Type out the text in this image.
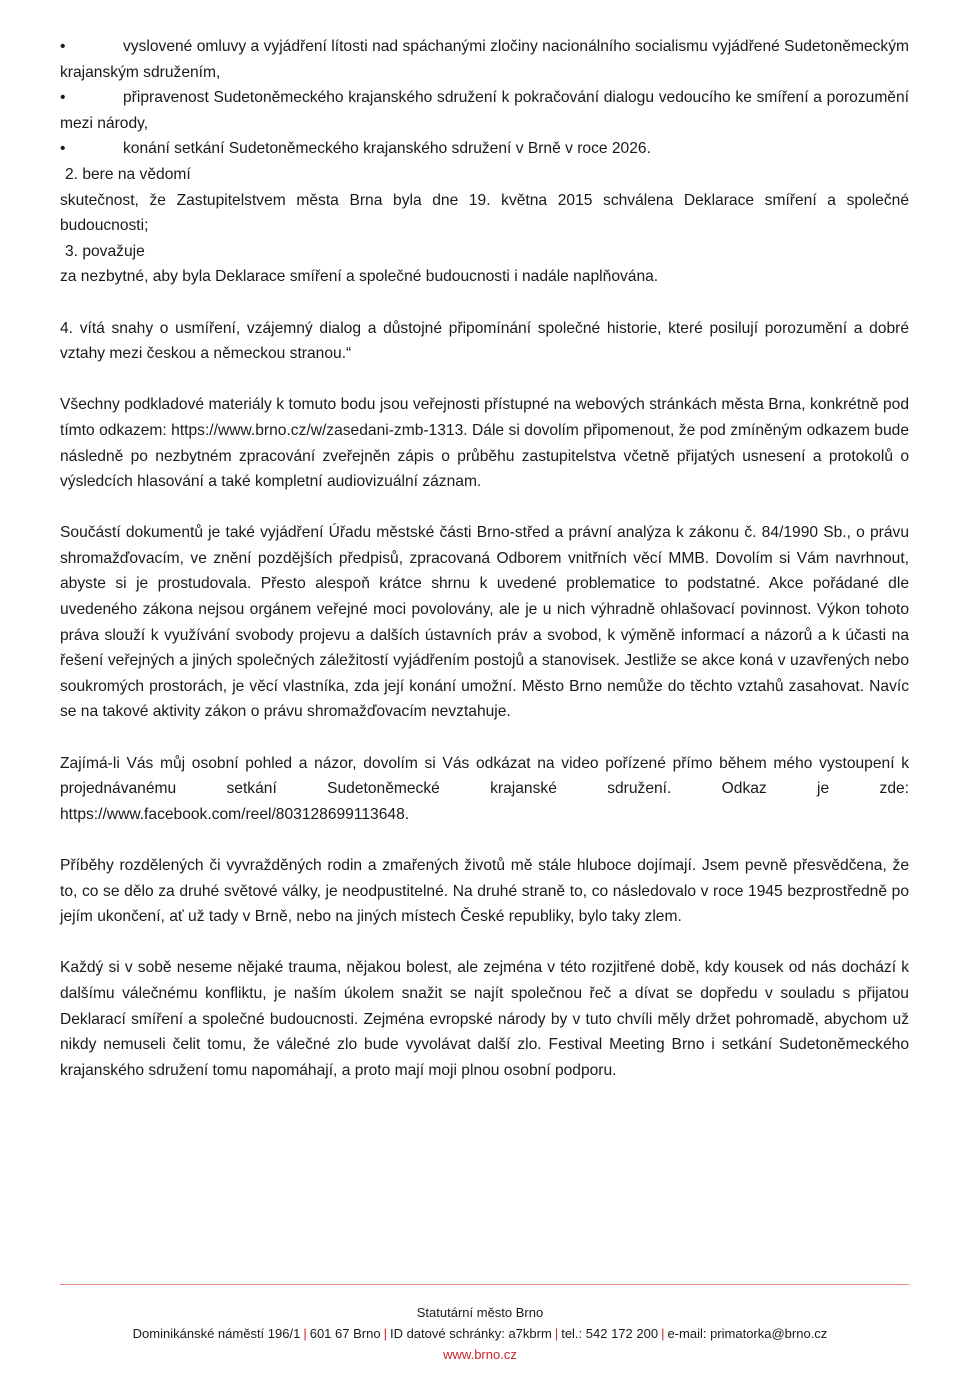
•	vyslovené omluvy a vyjádření lítosti nad spáchanými zločiny nacionálního socialismu vyjádřené Sudetoněmeckým krajanským sdružením,
•	připravenost Sudetoněmeckého krajanského sdružení k pokračování dialogu vedoucího ke smíření a porozumění mezi národy,
•	konání setkání Sudetoněmeckého krajanského sdružení v Brně v roce 2026.
2. bere na vědomí

skutečnost, že Zastupitelstvem města Brna byla dne 19. května 2015 schválena Deklarace smíření a společné budoucnosti;

3. považuje

za nezbytné, aby byla Deklarace smíření a společné budoucnosti i nadále naplňována.

4. vítá snahy o usmíření, vzájemný dialog a důstojné připomínání společné historie, které posilují porozumění a dobré vztahy mezi českou a německou stranou.“

Všechny podkladové materiály k tomuto bodu jsou veřejnosti přístupné na webových stránkách města Brna, konkrétně pod tímto odkazem: https://www.brno.cz/w/zasedani-zmb-1313. Dále si dovolím připomenout, že pod zmíněným odkazem bude následně po nezbytném zpracování zveřejněn zápis o průběhu zastupitelstva včetně přijatých usnesení a protokolů o výsledcích hlasování a také kompletní audiovizuální záznam.

Součástí dokumentů je také vyjádření Úřadu městské části Brno-střed a právní analýza k zákonu č. 84/1990 Sb., o právu shromažďovacím, ve znění pozdějších předpisů, zpracovaná Odborem vnitřních věcí MMB. Dovolím si Vám navrhnout, abyste si je prostudovala. Přesto alespoň krátce shrnu k uvedené problematice to podstatné. Akce pořádané dle uvedeného zákona nejsou orgánem veřejné moci povolovány, ale je u nich výhradně ohlašovací povinnost. Výkon tohoto práva slouží k využívání svobody projevu a dalších ústavních práv a svobod, k výměně informací a názorů a k účasti na řešení veřejných a jiných společných záležitostí vyjádřením postojů a stanovisek. Jestliže se akce koná v uzavřených nebo soukromých prostorách, je věcí vlastníka, zda její konání umožní. Město Brno nemůže do těchto vztahů zasahovat. Navíc se na takové aktivity zákon o právu shromažďovacím nevztahuje.

Zajímá-li Vás můj osobní pohled a názor, dovolím si Vás odkázat na video pořízené přímo během mého vystoupení k projednávanému setkání Sudetoněmecké krajanské sdružení. Odkaz je zde: https://www.facebook.com/reel/803128699113648.

Příběhy rozdělených či vyvražděných rodin a zmařených životů mě stále hluboce dojímají. Jsem pevně přesvědčena, že to, co se dělo za druhé světové války, je neodpustitelné. Na druhé straně to, co následovalo v roce 1945 bezprostředně po jejím ukončení, ať už tady v Brně, nebo na jiných místech České republiky, bylo taky zlem.

Každý si v sobě neseme nějaké trauma, nějakou bolest, ale zejména v této rozjitřené době, kdy kousek od nás dochází k dalšímu válečnému konfliktu, je naším úkolem snažit se najít společnou řeč a dívat se dopředu v souladu s přijatou Deklarací smíření a společné budoucnosti. Zejména evropské národy by v tuto chvíli měly držet pohromadě, abychom už nikdy nemuseli čelit tomu, že válečné zlo bude vyvolávat další zlo. Festival Meeting Brno i setkání Sudetoněmeckého krajanského sdružení tomu napomáhají, a proto mají moji plnou osobní podporu.

Statutární město Brno
Dominikánské náměstí 196/1 | 601 67 Brno | ID datové schránky: a7kbrm | tel.: 542 172 200 | e-mail: primatorka@brno.cz
www.brno.cz
